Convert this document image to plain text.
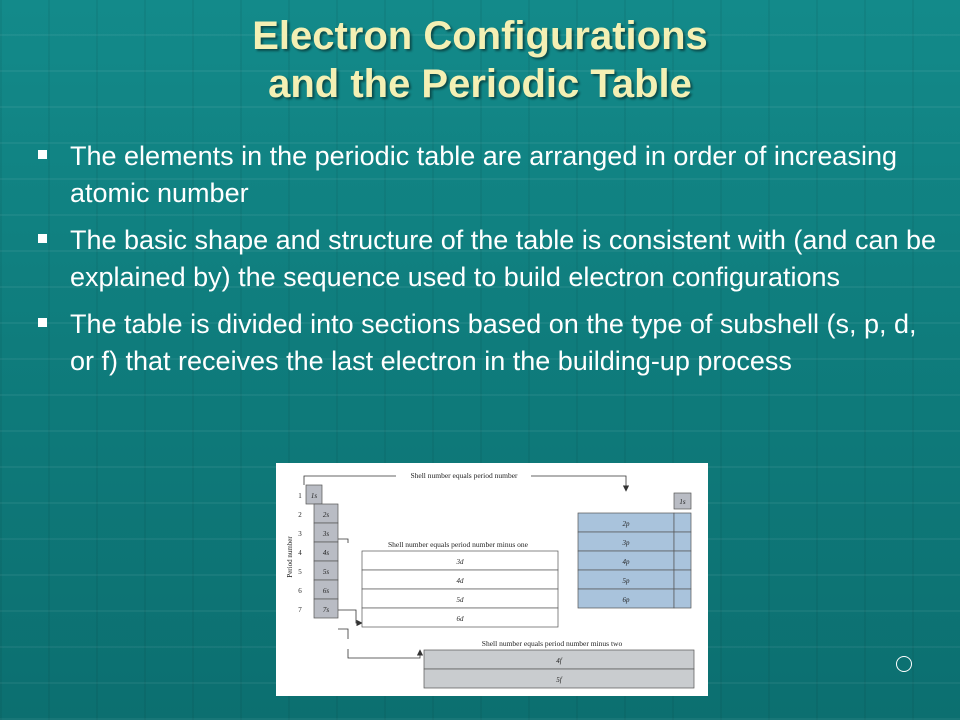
Electron Configurations
and the Periodic Table
The elements in the periodic table are arranged in order of increasing atomic number
The basic shape and structure of the table is consistent with (and can be explained by) the sequence used to build electron configurations
The table is divided into sections based on the type of subshell (s, p, d, or f) that receives the last electron in the building-up process
1s
2s
3s
4s
5s
6s
7s
1
2
3
4
5
6
7
Period number
Shell number equals period number
Shell number equals period number minus one
3d
4d
5d
6d
2p
3p
4p
5p
6p
1s
Shell number equals period number minus two
4f
5f
